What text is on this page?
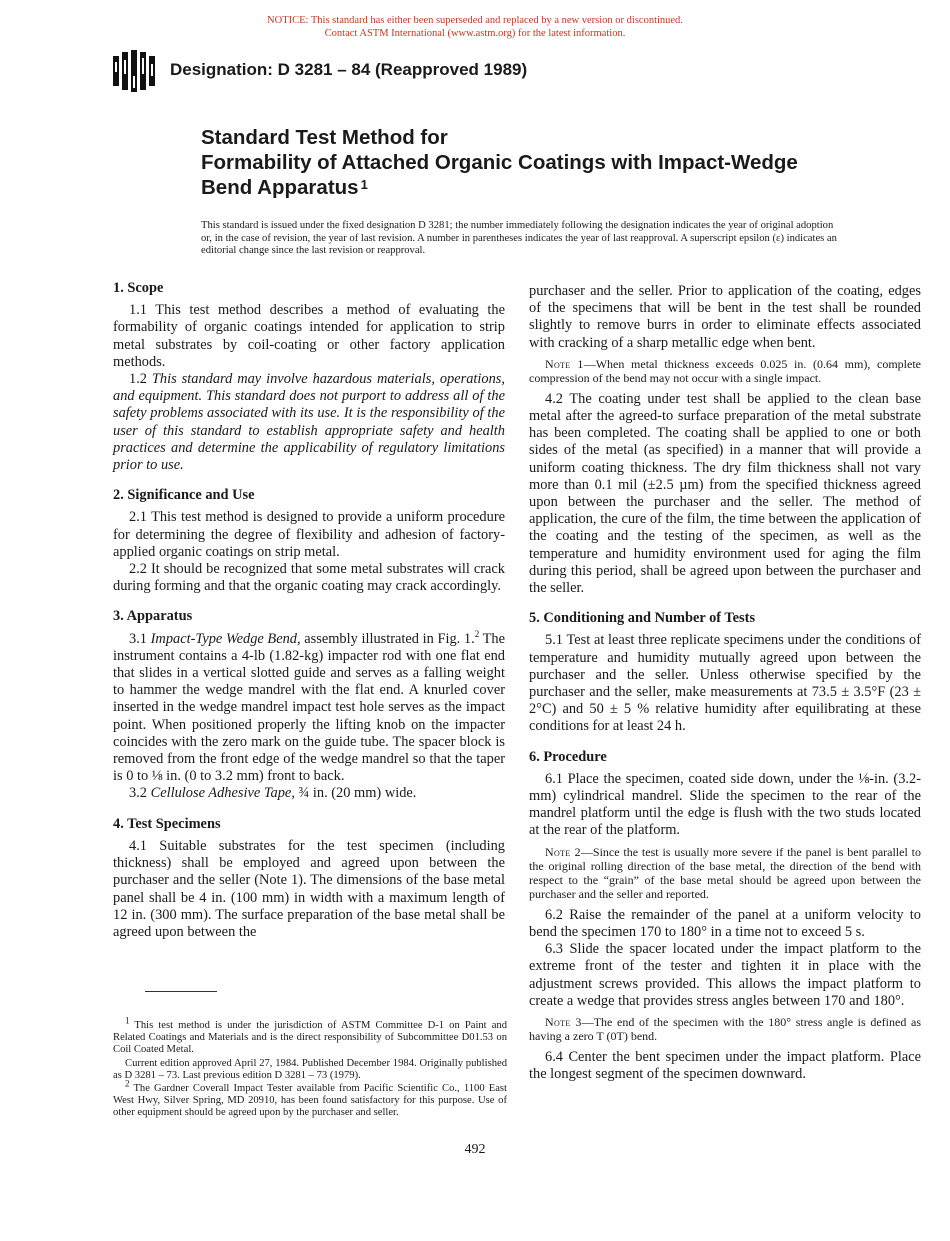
NOTICE: This standard has either been superseded and replaced by a new version or discontinued.
Contact ASTM International (www.astm.org) for the latest information.
Designation: D 3281 – 84 (Reapproved 1989)
Standard Test Method for
Formability of Attached Organic Coatings with Impact-Wedge
Bend Apparatus $^1$
This standard is issued under the fixed designation D 3281; the number immediately following the designation indicates the year of original adoption or, in the case of revision, the year of last revision. A number in parentheses indicates the year of last reapproval. A superscript epsilon (ε) indicates an editorial change since the last revision or reapproval.
1. Scope

1.1 This test method describes a method of evaluating the formability of organic coatings intended for application to strip metal substrates by coil-coating or other factory application methods.

1.2 This standard may involve hazardous materials, operations, and equipment. This standard does not purport to address all of the safety problems associated with its use. It is the responsibility of the user of this standard to establish appropriate safety and health practices and determine the applicability of regulatory limitations prior to use.

2. Significance and Use

2.1 This test method is designed to provide a uniform procedure for determining the degree of flexibility and adhesion of factory-applied organic coatings on strip metal.

2.2 It should be recognized that some metal substrates will crack during forming and that the organic coating may crack accordingly.

3. Apparatus

3.1 Impact-Type Wedge Bend, assembly illustrated in Fig. 1.$^2$ The instrument contains a 4-lb (1.82-kg) impacter rod with one flat end that slides in a vertical slotted guide and serves as a falling weight to hammer the wedge mandrel with the flat end. A knurled cover inserted in the wedge mandrel impact test hole serves as the impact point. When positioned properly the lifting knob on the impacter coincides with the zero mark on the guide tube. The spacer block is removed from the front edge of the wedge mandrel so that the taper is 0 to ⅛ in. (0 to 3.2 mm) front to back.

3.2 Cellulose Adhesive Tape, ¾ in. (20 mm) wide.

4. Test Specimens

4.1 Suitable substrates for the test specimen (including thickness) shall be employed and agreed upon between the purchaser and the seller (Note 1). The dimensions of the base metal panel shall be 4 in. (100 mm) in width with a maximum length of 12 in. (300 mm). The surface preparation of the base metal shall be agreed upon between the

purchaser and the seller. Prior to application of the coating, edges of the specimens that will be bent in the test shall be rounded slightly to remove burrs in order to eliminate effects associated with cracking of a sharp metallic edge when bent.

Note 1—When metal thickness exceeds 0.025 in. (0.64 mm), complete compression of the bend may not occur with a single impact.

4.2 The coating under test shall be applied to the clean base metal after the agreed-to surface preparation of the metal substrate has been completed. The coating shall be applied to one or both sides of the metal (as specified) in a manner that will provide a uniform coating thickness. The dry film thickness shall not vary more than 0.1 mil (±2.5 µm) from the specified thickness agreed upon between the purchaser and the seller. The method of application, the cure of the film, the time between the application of the coating and the testing of the specimen, as well as the temperature and humidity environment used for aging the film during this period, shall be agreed upon between the purchaser and the seller.

5. Conditioning and Number of Tests

5.1 Test at least three replicate specimens under the conditions of temperature and humidity mutually agreed upon between the purchaser and the seller. Unless otherwise specified by the purchaser and the seller, make measurements at 73.5 ± 3.5°F (23 ± 2°C) and 50 ± 5 % relative humidity after equilibrating at these conditions for at least 24 h.

6. Procedure

6.1 Place the specimen, coated side down, under the ⅛-in. (3.2-mm) cylindrical mandrel. Slide the specimen to the rear of the mandrel platform until the edge is flush with the two studs located at the rear of the platform.

Note 2—Since the test is usually more severe if the panel is bent parallel to the original rolling direction of the base metal, the direction of the bend with respect to the “grain” of the base metal should be agreed upon between the purchaser and the seller and reported.

6.2 Raise the remainder of the panel at a uniform velocity to bend the specimen 170 to 180° in a time not to exceed 5 s.

6.3 Slide the spacer located under the impact platform to the extreme front of the tester and tighten it in place with the adjustment screws provided. This allows the impact platform to create a wedge that provides stress angles between 170 and 180°.

Note 3—The end of the specimen with the 180° stress angle is defined as having a zero T (0T) bend.

6.4 Center the bent specimen under the impact platform. Place the longest segment of the specimen downward.

$^1$ This test method is under the jurisdiction of ASTM Committee D-1 on Paint and Related Coatings and Materials and is the direct responsibility of Subcommittee D01.53 on Coil Coated Metal.

Current edition approved April 27, 1984. Published December 1984. Originally published as D 3281 – 73. Last previous edition D 3281 – 73 (1979).

$^2$ The Gardner Coverall Impact Tester available from Pacific Scientific Co., 1100 East West Hwy, Silver Spring, MD 20910, has been found satisfactory for this purpose. Use of other equipment should be agreed upon by the purchaser and seller.

492
